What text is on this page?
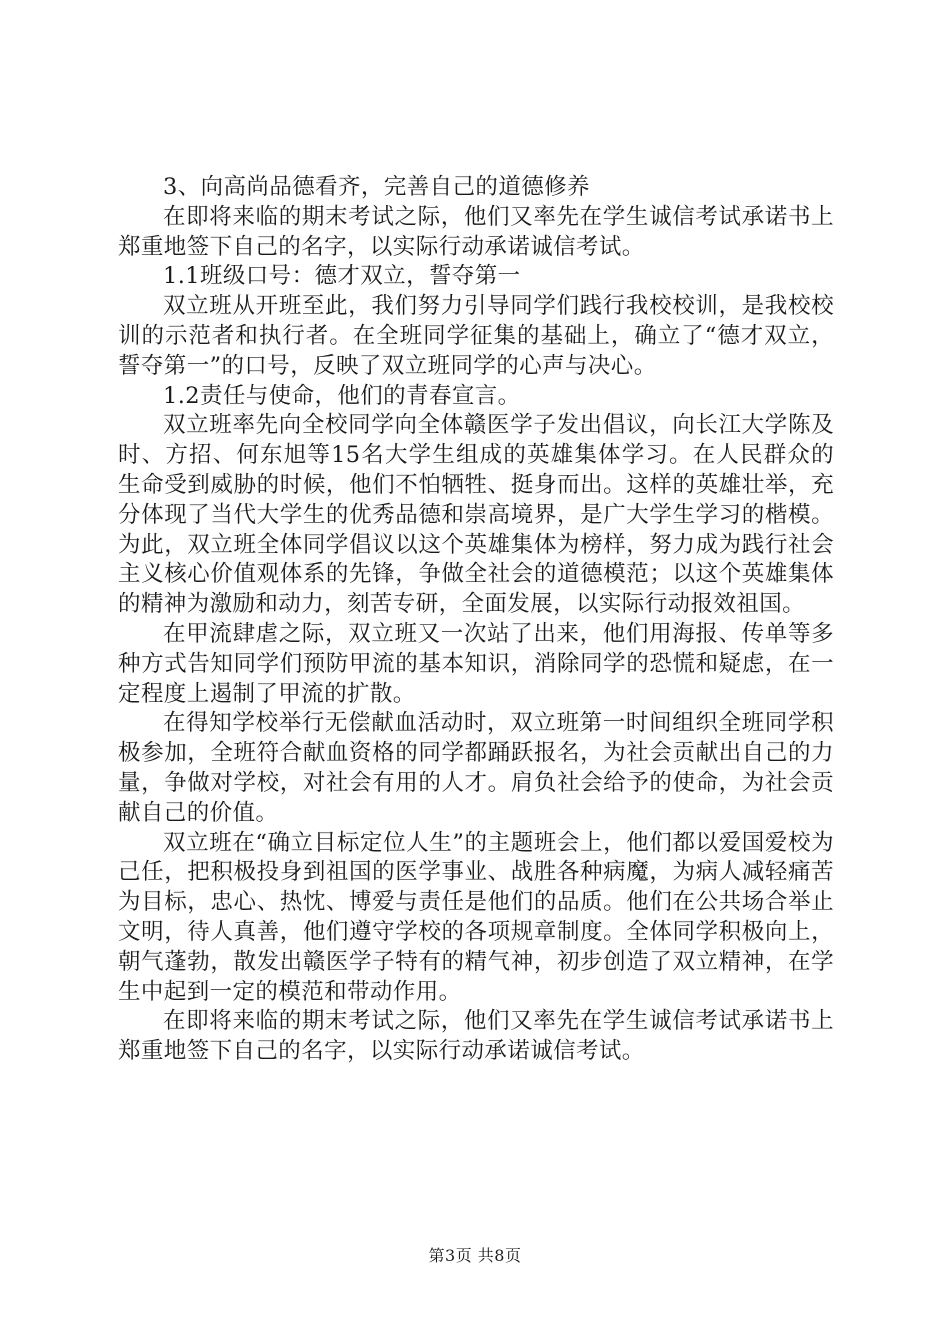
3、向高尚品德看齐，完善自己的道德修养

在即将来临的期末考试之际，他们又率先在学生诚信考试承诺书上郑重地签下自己的名字，以实际行动承诺诚信考试。

1.1班级口号：德才双立，誓夺第一

双立班从开班至此，我们努力引导同学们践行我校校训，是我校校训的示范者和执行者。在全班同学征集的基础上，确立了“德才双立，誓夺第一”的口号，反映了双立班同学的心声与决心。

1.2责任与使命，他们的青春宣言。

双立班率先向全校同学向全体赣医学子发出倡议，向长江大学陈及时、方招、何东旭等15名大学生组成的英雄集体学习。在人民群众的生命受到威胁的时候，他们不怕牺牲、挺身而出。这样的英雄壮举，充分体现了当代大学生的优秀品德和崇高境界，是广大学生学习的楷模。为此，双立班全体同学倡议以这个英雄集体为榜样，努力成为践行社会主义核心价值观体系的先锋，争做全社会的道德模范；以这个英雄集体的精神为激励和动力，刻苦专研，全面发展，以实际行动报效祖国。

在甲流肆虐之际，双立班又一次站了出来，他们用海报、传单等多种方式告知同学们预防甲流的基本知识，消除同学的恐慌和疑虑，在一定程度上遏制了甲流的扩散。

在得知学校举行无偿献血活动时，双立班第一时间组织全班同学积极参加，全班符合献血资格的同学都踊跃报名，为社会贡献出自己的力量，争做对学校，对社会有用的人才。肩负社会给予的使命，为社会贡献自己的价值。

双立班在“确立目标定位人生”的主题班会上，他们都以爱国爱校为己任，把积极投身到祖国的医学事业、战胜各种病魔，为病人减轻痛苦为目标，忠心、热忱、博爱与责任是他们的品质。他们在公共场合举止文明，待人真善，他们遵守学校的各项规章制度。全体同学积极向上，朝气蓬勃，散发出赣医学子特有的精气神，初步创造了双立精神，在学生中起到一定的模范和带动作用。

在即将来临的期末考试之际，他们又率先在学生诚信考试承诺书上郑重地签下自己的名字，以实际行动承诺诚信考试。

第3页 共8页
